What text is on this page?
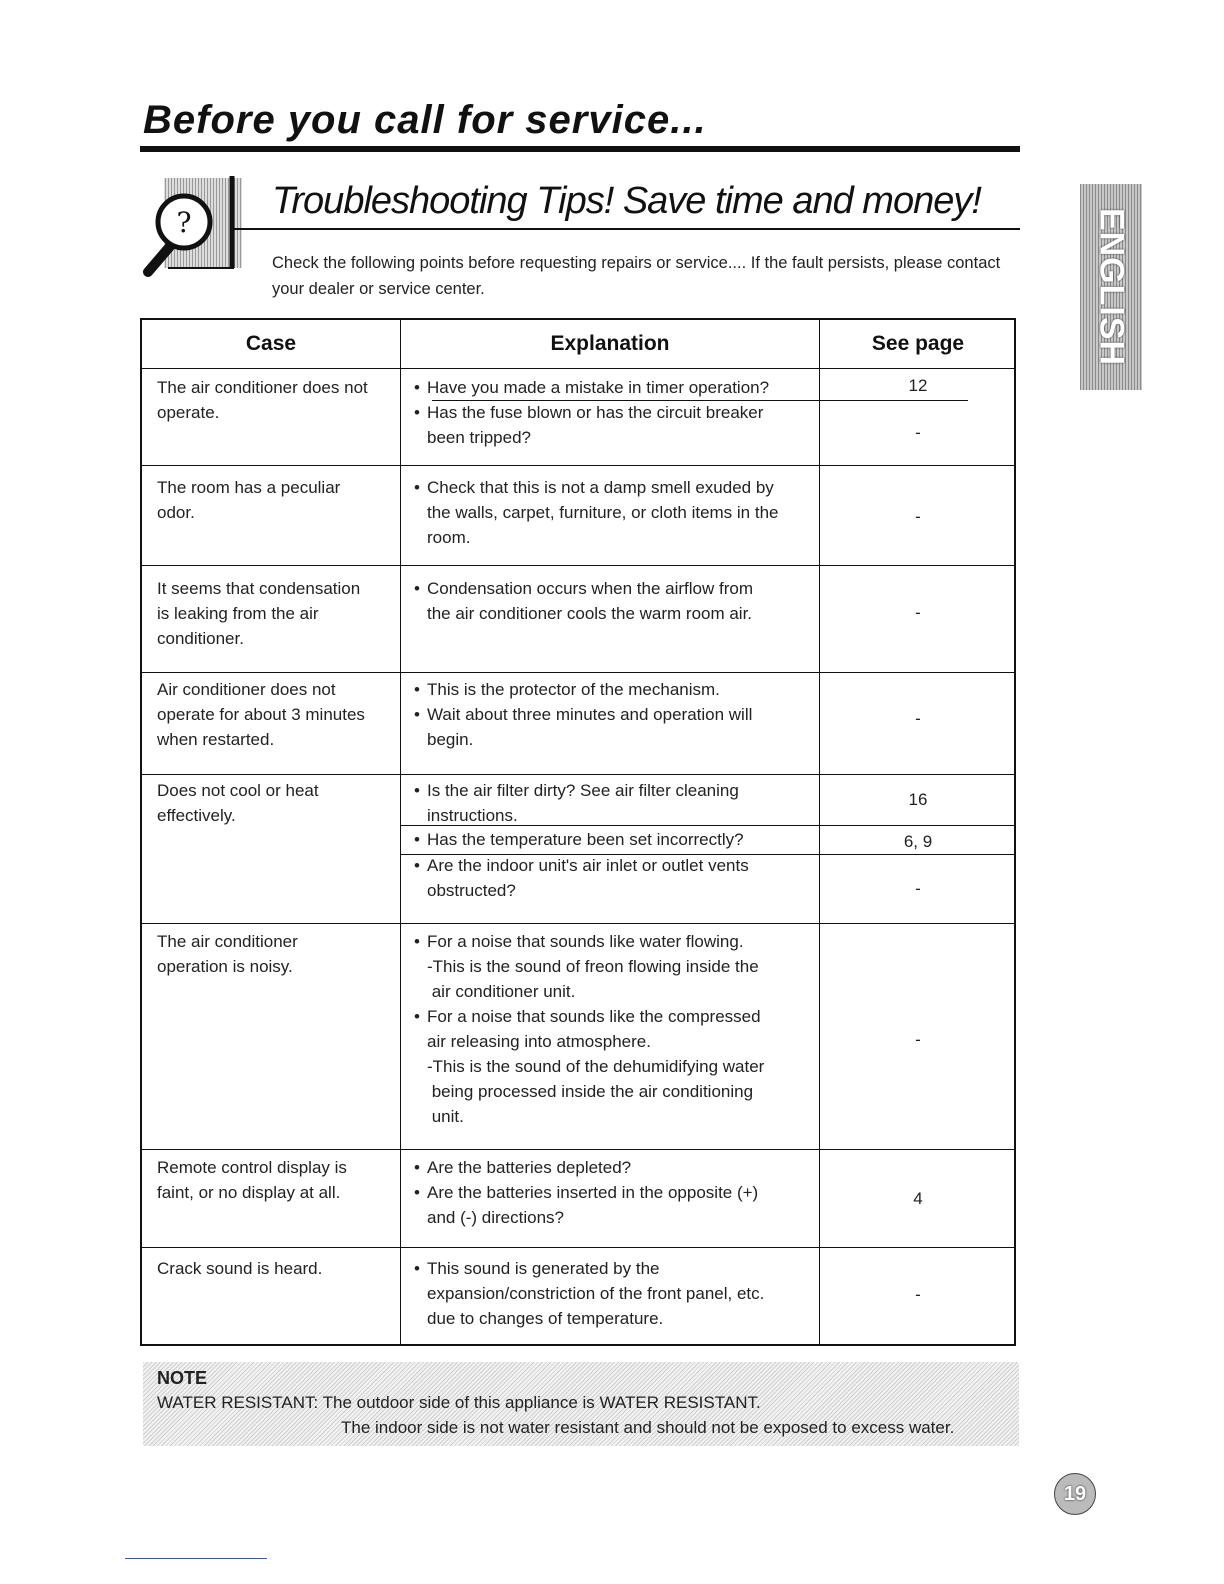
Before you call for service...
?
Troubleshooting Tips! Save time and money!

Check the following points before requesting repairs or service.... If the fault persists, please contact your dealer or service center.	ENGLISH
Case	Explanation	See page
The air conditioner does not
operate.
• Have you made a mistake in timer operation?	12
• Has the fuse blown or has the circuit breaker
been tripped?	-
The room has a peculiar
odor.
• Check that this is not a damp smell exuded by
the walls, carpet, furniture, or cloth items in the
room.
-
It seems that condensation
is leaking from the air
conditioner.
• Condensation occurs when the airflow from
the air conditioner cools the warm room air.	-
Air conditioner does not
operate for about 3 minutes
when restarted.
• This is the protector of the mechanism.
• Wait about three minutes and operation will
begin.
-
Does not cool or heat
effectively.
• Is the air filter dirty? See air filter cleaning
instructions.
16
• Has the temperature been set incorrectly?	6, 9
• Are the indoor unit's air inlet or outlet vents
obstructed?	-
The air conditioner
operation is noisy.
• For a noise that sounds like water flowing.
-This is the sound of freon flowing inside the
air conditioner unit.
• For a noise that sounds like the compressed
air releasing into atmosphere.
-This is the sound of the dehumidifying water
being processed inside the air conditioning
unit.
-
Remote control display is
faint, or no display at all.
• Are the batteries depleted?
• Are the batteries inserted in the opposite (+)
and (-) directions?
4
Crack sound is heard.
•	This sound is generated by the
expansion/constriction of the front panel, etc.
due to changes of temperature.
-
NOTE
WATER RESISTANT: The outdoor side of this appliance is WATER RESISTANT.
The indoor side is not water resistant and should not be exposed to excess water.
19
